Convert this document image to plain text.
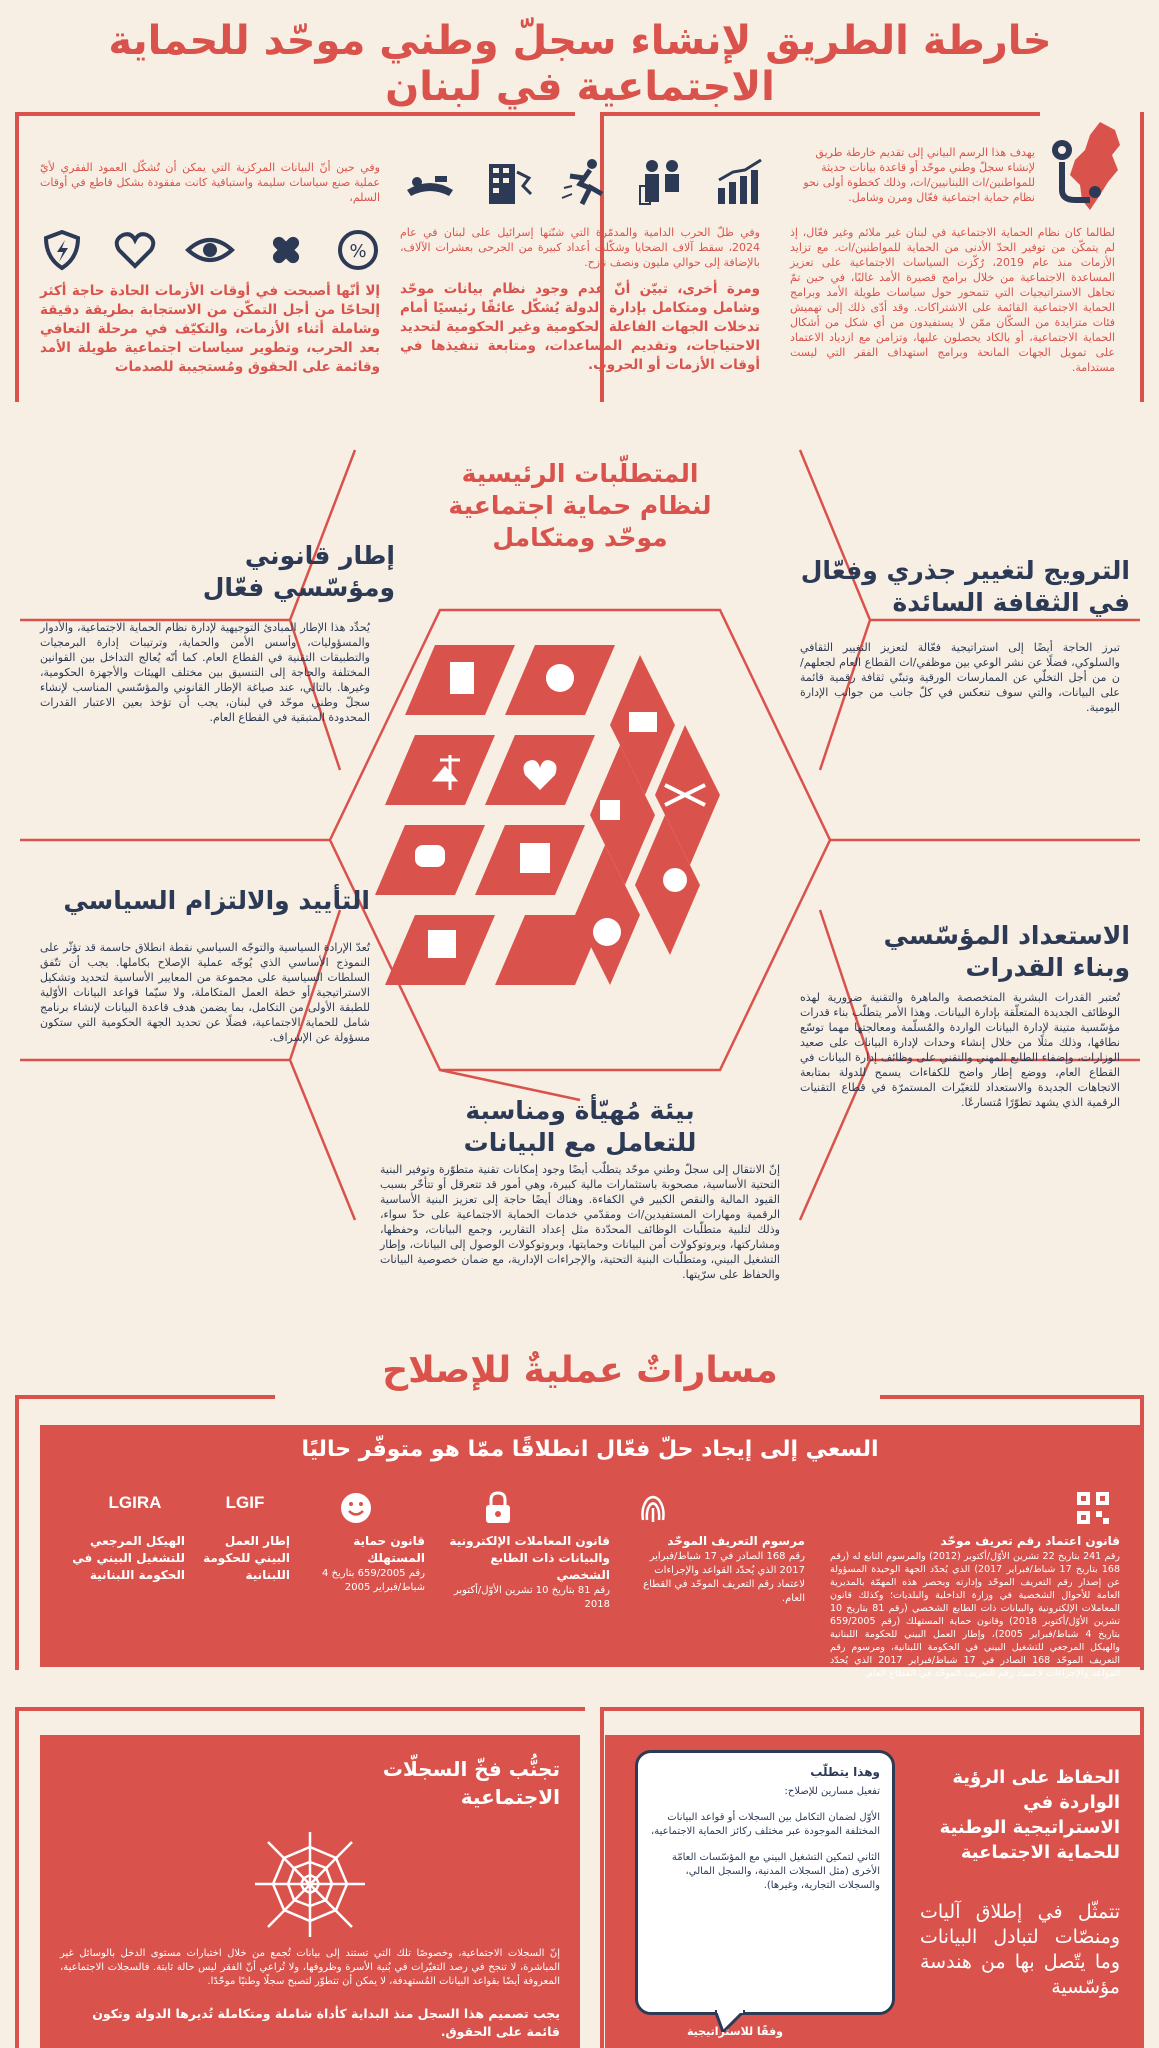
خارطة الطريق لإنشاء سجلّ وطني موحّد للحماية الاجتماعية في لبنان
يهدف هذا الرسم البياني إلى تقديم خارطة طريق لإنشاء سجلّ وطني موحّد أو قاعدة بيانات حديثة للمواطنين/ات اللبنانيين/ات، وذلك كخطوة أولى نحو نظام حماية اجتماعية فعّال ومرن وشامل.
لطالما كان نظام الحماية الاجتماعية في لبنان غير ملائم وغير فعّال، إذ لم يتمكّن من توفير الحدّ الأدنى من الحماية للمواطنين/ات. مع تزايد الأزمات منذ عام 2019، رُكّزت السياسات الاجتماعية على تعزيز المساعدة الاجتماعية من خلال برامج قصيرة الأمد غالبًا، في حين تمّ تجاهل الاستراتيجيات التي تتمحور حول سياسات طويلة الأمد وبرامج الحماية الاجتماعية القائمة على الاشتراكات. وقد أدّى ذلك إلى تهميش فئات متزايدة من السكّان ممّن لا يستفيدون من أي شكل من أشكال الحماية الاجتماعية، أو بالكاد يحصلون عليها، وتزامن مع ازدياد الاعتماد على تمويل الجهات المانحة وبرامج استهداف الفقر التي ليست مستدامة.
وفي ظلّ الحرب الدامية والمدمّرة التي شنّتها إسرائيل على لبنان في عام 2024، سقط آلاف الضحايا وشكّلت أعداد كبيرة من الجرحى بعشرات الآلاف، بالإضافة إلى حوالي مليون ونصف نازح.
ومرة أخرى، تبيّن أنّ عدم وجود نظام بيانات موحّد وشامل ومتكامل بإدارة الدولة يُشكّل عائقًا رئيسيًا أمام تدخلات الجهات الفاعلة الحكومية وغير الحكومية لتحديد الاحتياجات، وتقديم المساعدات، ومتابعة تنفيذها في أوقات الأزمات أو الحروب.
وفي حين أنّ البيانات المركزية التي يمكن أن تُشكّل العمود الفقري لأيّ عملية صنع سياسات سليمة واستباقية كانت مفقودة بشكل قاطع في أوقات السلم،
%
إلا أنّها أصبحت في أوقات الأزمات الحادة حاجة أكثر إلحاحًا من أجل التمكّن من الاستجابة بطريقة دقيقة وشاملة أثناء الأزمات، والتكيّف في مرحلة التعافي بعد الحرب، وتطوير سياسات اجتماعية طويلة الأمد وقائمة على الحقوق ومُستجيبة للصدمات
المتطلّبات الرئيسية لنظام حماية اجتماعية موحّد ومتكامل
إطار قانوني ومؤسّسي فعّال
يُحدِّد هذا الإطار المبادئ التوجيهية لإدارة نظام الحماية الاجتماعية، والأدوار والمسؤوليات، وأسس الأمن والحماية، وترتيبات إدارة البرمجيات والتطبيقات التقنية في القطاع العام. كما أنّه يُعالج التداخل بين القوانين المختلفة والحاجة إلى التنسيق بين مختلف الهيئات والأجهزة الحكومية، وغيرها. بالتالي، عند صياغة الإطار القانوني والمؤسّسي المناسب لإنشاء سجلّ وطني موحّد في لبنان، يجب أن تؤخذ بعين الاعتبار القدرات المحدودة المتبقية في القطاع العام.
الترويج لتغيير جذري وفعّال في الثقافة السائدة
تبرز الحاجة أيضًا إلى استراتيجية فعّالة لتعزيز التغيير الثقافي والسلوكي، فضلًا عن نشر الوعي بين موظفي/ات القطاع العام لجعلهم/ن من أجل التخلّي عن الممارسات الورقية وتبنّي ثقافة رقمية قائمة على البيانات، والتي سوف تنعكس في كلّ جانب من جوانب الإدارة اليومية.
التأييد والالتزام السياسي
تُعدّ الإرادة السياسية والتوجّه السياسي نقطة انطلاق حاسمة قد تؤثّر على النموذج الأساسي الذي يُوجّه عملية الإصلاح بكاملها. يجب أن تتّفق السلطات السياسية على مجموعة من المعايير الأساسية لتحديد وتشكيل الاستراتيجية أو خطة العمل المتكاملة، ولا سيّما قواعد البيانات الأوّلية للطبقة الأولى من التكامل، بما يضمن هدف قاعدة البيانات لإنشاء برنامج شامل للحماية الاجتماعية، فضلًا عن تحديد الجهة الحكومية التي ستكون مسؤولة عن الإشراف.
الاستعداد المؤسّسي وبناء القدرات
تُعتبر القدرات البشرية المتخصصة والماهرة والتقنية ضرورية لهذه الوظائف الجديدة المتعلّقة بإدارة البيانات. وهذا الأمر يتطلّب بناء قدرات مؤسّسية متينة لإدارة البيانات الواردة والمُسلّمة ومعالجتها مهما توسّع نطاقها، وذلك مثلًا من خلال إنشاء وحدات لإدارة البيانات على صعيد الوزارات، وإضفاء الطابع المهني والتقني على وظائف إدارة البيانات في القطاع العام، ووضع إطار واضح للكفاءات يسمح للدولة بمتابعة الاتجاهات الجديدة والاستعداد للتغيّرات المستمرّة في قطاع التقنيات الرقمية الذي يشهد تطوّرًا مُتسارعًا.
بيئة مُهيّأة ومناسبة للتعامل مع البيانات
إنّ الانتقال إلى سجلّ وطني موحّد يتطلّب أيضًا وجود إمكانات تقنية متطوّرة وتوفير البنية التحتية الأساسية، مصحوبة باستثمارات مالية كبيرة، وهي أمور قد تتعرقل أو تتأخّر بسبب القيود المالية والنقص الكبير في الكفاءة. وهناك أيضًا حاجة إلى تعزيز البنية الأساسية الرقمية ومهارات المستفيدين/ات ومقدّمي خدمات الحماية الاجتماعية على حدّ سواء، وذلك لتلبية متطلّبات الوظائف المحدّدة مثل إعداد التقارير، وجمع البيانات، وحفظها، ومشاركتها، وبروتوكولات أمن البيانات وحمايتها، وبروتوكولات الوصول إلى البيانات، وإطار التشغيل البيني، ومتطلّبات البنية التحتية، والإجراءات الإدارية، مع ضمان خصوصية البيانات والحفاظ على سرّيتها.
مساراتٌ عمليةٌ للإصلاح
السعي إلى إيجاد حلّ فعّال انطلاقًا ممّا هو متوفّر حاليًا
LGIF
LGIRA
قانون اعتماد رقم تعريف موحّد
رقم 241 بتاريخ 22 تشرين الأوّل/أكتوبر (2012) والمرسوم التابع له (رقم 168 بتاريخ 17 شباط/فبراير 2017) الذي يُحدّد الجهة الوحيدة المسؤولة عن إصدار رقم التعريف الموحّد وإدارته وبحصر هذه المهمّة بالمديرية العامة للأحوال الشخصية في وزارة الداخلية والبلديات؛ وكذلك قانون المعاملات الإلكترونية والبيانات ذات الطابع الشخصي (رقم 81 بتاريخ 10 تشرين الأوّل/أكتوبر 2018) وقانون حماية المستهلك (رقم 659/2005 بتاريخ 4 شباط/فبراير 2005)، وإطار العمل البيني للحكومة اللبنانية والهيكل المرجعي للتشغيل البيني في الحكومة اللبنانية، ومرسوم رقم التعريف الموحّد 168 الصادر في 17 شباط/فبراير 2017 الذي يُحدّد القواعد والإجراءات لاعتماد رقم التعريف الموحّد في القطاع العام.
مرسوم التعريف الموحّد
رقم 168 الصادر في 17 شباط/فبراير 2017 الذي يُحدّد القواعد والإجراءات لاعتماد رقم التعريف الموحّد في القطاع العام.
قانون المعاملات الإلكترونية والبيانات ذات الطابع الشخصي
رقم 81 بتاريخ 10 تشرين الأوّل/أكتوبر 2018
قانون حماية المستهلك
رقم 659/2005 بتاريخ 4 شباط/فبراير 2005
إطار العمل البيني للحكومة اللبنانية
الهيكل المرجعي للتشغيل البيني في الحكومة اللبنانية
تجنُّب فخّ السجلّات الاجتماعية
إنّ السجلات الاجتماعية، وخصوصًا تلك التي تستند إلى بيانات تُجمع من خلال اختبارات مستوى الدخل بالوسائل غير المباشرة، لا تنجح في رصد التغيّرات في بُنية الأسرة وظروفها، ولا تُراعي أنّ الفقر ليس حالة ثابتة. فالسجلات الاجتماعية، المعروفة أيضًا بقواعد البيانات المُستهدفة، لا يمكن أن تتطوّر لتصبح سجلًا وطنيًا موحّدًا.
يجب تصميم هذا السجل منذ البداية كأداة شاملة ومتكاملة تُديرها الدولة وتكون قائمة على الحقوق.
الحفاظ على الرؤية الواردة في الاستراتيجية الوطنية للحماية الاجتماعية
تتمثّل في إطلاق آليات ومنصّات لتبادل البيانات وما يتّصل بها من هندسة مؤسّسية
وهذا يتطلّب
تفعيل مسارين للإصلاح:
الأوّل لضمان التكامل بين السجلات أو قواعد البيانات المختلفة الموجودة عبر مختلف ركائز الحماية الاجتماعية،
الثاني لتمكين التشغيل البيني مع المؤسّسات العامّة الأخرى (مثل السجلات المدنية، والسجل المالي، والسجلات التجارية، وغيرها).
وفقًا للاستراتيجية
